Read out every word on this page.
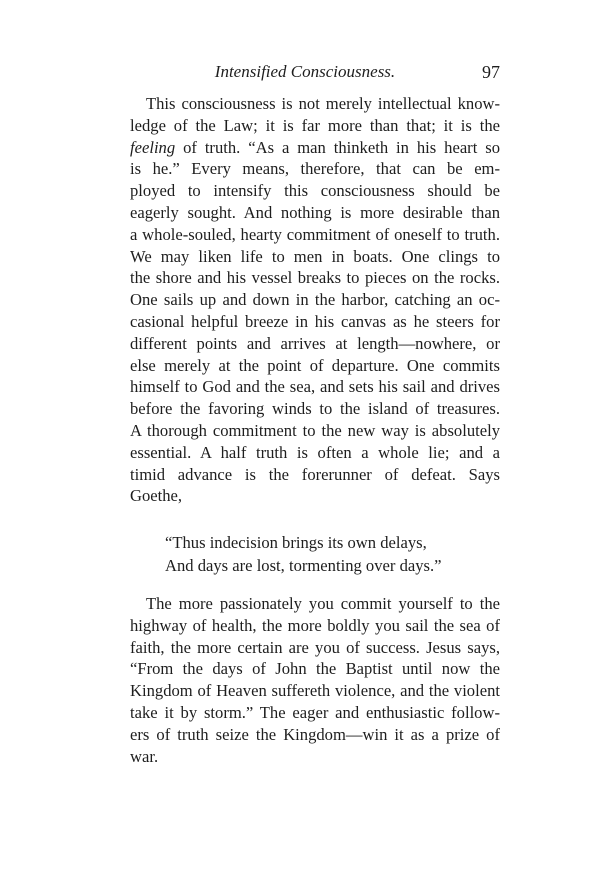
Intensified Consciousness.	97
This consciousness is not merely intellectual know-
ledge of the Law; it is far more than that; it is the
feeling of truth. “As a man thinketh in his heart so
is he.” Every means, therefore, that can be em-
ployed to intensify this consciousness should be
eagerly sought. And nothing is more desirable than
a whole-souled, hearty commitment of oneself to truth.
We may liken life to men in boats. One clings to
the shore and his vessel breaks to pieces on the rocks.
One sails up and down in the harbor, catching an oc-
casional helpful breeze in his canvas as he steers for
different points and arrives at length—nowhere, or
else merely at the point of departure. One commits
himself to God and the sea, and sets his sail and drives
before the favoring winds to the island of treasures.
A thorough commitment to the new way is absolutely
essential. A half truth is often a whole lie; and a
timid advance is the forerunner of defeat. Says
Goethe,
“Thus indecision brings its own delays,
And days are lost, tormenting over days.”
The more passionately you commit yourself to the
highway of health, the more boldly you sail the sea of
faith, the more certain are you of success. Jesus says,
“From the days of John the Baptist until now the
Kingdom of Heaven suffereth violence, and the violent
take it by storm.” The eager and enthusiastic follow-
ers of truth seize the Kingdom—win it as a prize of
war.
